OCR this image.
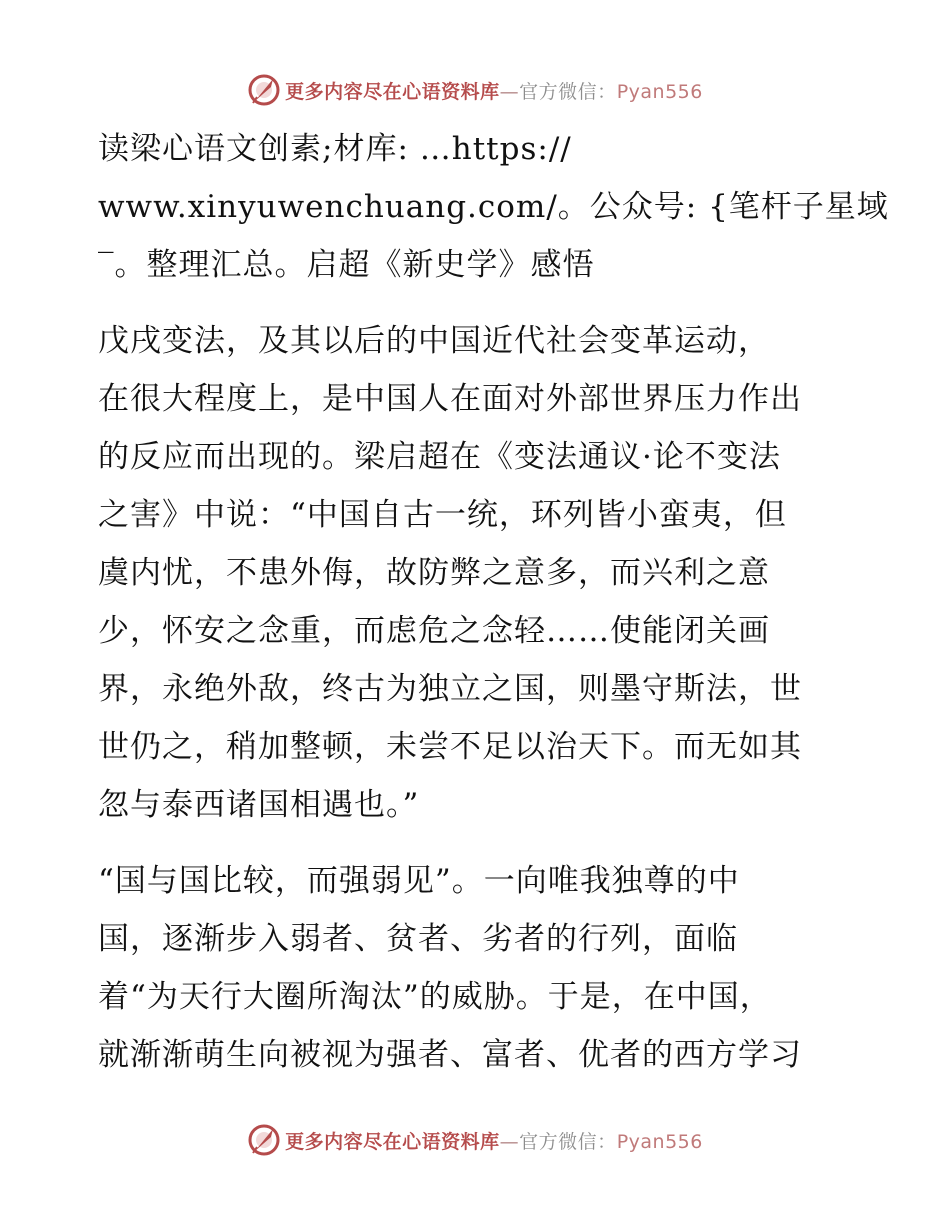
更多内容尽在心语资料库—官方微信：Pyan556

读梁心语文创素;材库: …https://
www.xinyuwenchuang.com/。公众号: {笔杆子星域
‾。整理汇总。启超《新史学》感悟

戊戌变法，及其以后的中国近代社会变革运动，
在很大程度上，是中国人在面对外部世界压力作出
的反应而出现的。梁启超在《变法通议·论不变法
之害》中说：“中国自古一统，环列皆小蛮夷，但
虞内忧，不患外侮，故防弊之意多，而兴利之意
少，怀安之念重，而虑危之念轻……使能闭关画
界，永绝外敌，终古为独立之国，则墨守斯法，世
世仍之，稍加整顿，未尝不足以治天下。而无如其
忽与泰西诸国相遇也。”

“国与国比较，而强弱见”。一向唯我独尊的中
国，逐渐步入弱者、贫者、劣者的行列，面临
着“为天行大圈所淘汰”的威胁。于是，在中国，
就渐渐萌生向被视为强者、富者、优者的西方学习

更多内容尽在心语资料库—官方微信：Pyan556
